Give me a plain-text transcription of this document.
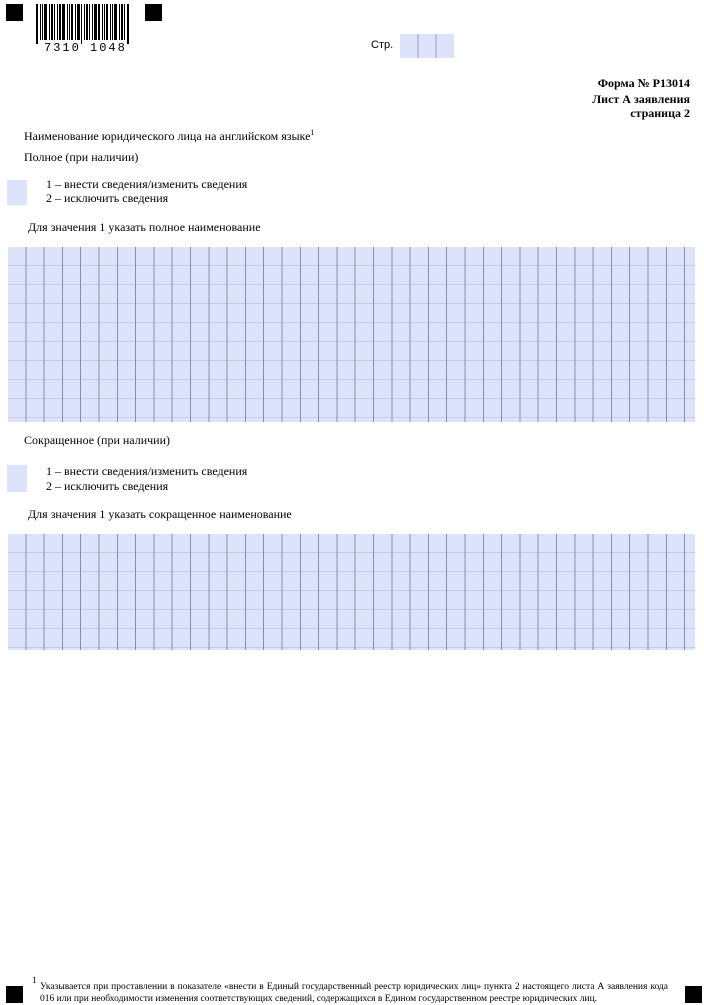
7310 1048	Стр.
Форма № Р13014
Лист А заявления
страница 2
Наименование юридического лица на английском языке$^1$
Полное (при наличии)
1 – внести сведения/изменить сведения
2 – исключить сведения
Для значения 1 указать полное наименование
Сокращенное (при наличии)
1 – внести сведения/изменить сведения
2 – исключить сведения
Для значения 1 указать сокращенное наименование
1
Указывается при проставлении в показателе «внести в Единый государственный реестр юридических лиц» пункта 2 настоящего листа А заявления кода 016 или при необходимости изменения соответствующих сведений, содержащихся в Едином государственном реестре юридических лиц.
